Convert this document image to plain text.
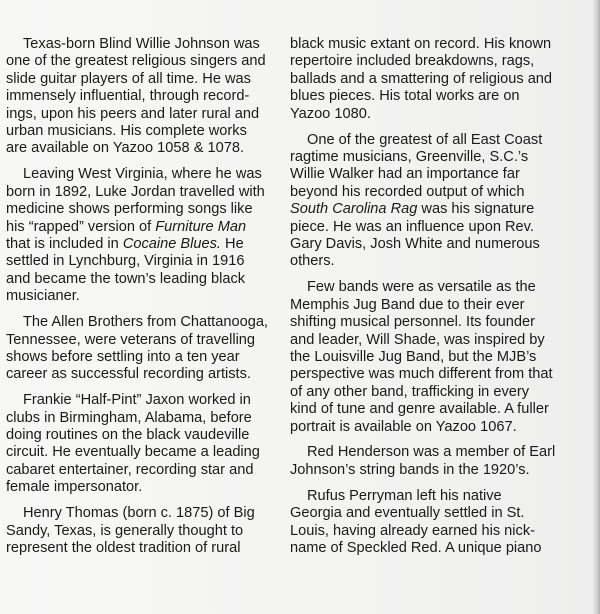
Texas-born Blind Willie Johnson was
one of the greatest religious singers and
slide guitar players of all time. He was
immensely influential, through record-
ings, upon his peers and later rural and
urban musicians. His complete works
are available on Yazoo 1058 & 1078.

Leaving West Virginia, where he was
born in 1892, Luke Jordan travelled with
medicine shows performing songs like
his “rapped” version of Furniture Man
that is included in Cocaine Blues. He
settled in Lynchburg, Virginia in 1916
and became the town’s leading black
musicianer.

The Allen Brothers from Chattanooga,
Tennessee, were veterans of travelling
shows before settling into a ten year
career as successful recording artists.

Frankie “Half-Pint” Jaxon worked in
clubs in Birmingham, Alabama, before
doing routines on the black vaudeville
circuit. He eventually became a leading
cabaret entertainer, recording star and
female impersonator.

Henry Thomas (born c. 1875) of Big
Sandy, Texas, is generally thought to
represent the oldest tradition of rural

black music extant on record. His known
repertoire included breakdowns, rags,
ballads and a smattering of religious and
blues pieces. His total works are on
Yazoo 1080.

One of the greatest of all East Coast
ragtime musicians, Greenville, S.C.’s
Willie Walker had an importance far
beyond his recorded output of which
South Carolina Rag was his signature
piece. He was an influence upon Rev.
Gary Davis, Josh White and numerous
others.

Few bands were as versatile as the
Memphis Jug Band due to their ever
shifting musical personnel. Its founder
and leader, Will Shade, was inspired by
the Louisville Jug Band, but the MJB’s
perspective was much different from that
of any other band, trafficking in every
kind of tune and genre available. A fuller
portrait is available on Yazoo 1067.

Red Henderson was a member of Earl
Johnson’s string bands in the 1920’s.

Rufus Perryman left his native
Georgia and eventually settled in St.
Louis, having already earned his nick-
name of Speckled Red. A unique piano
